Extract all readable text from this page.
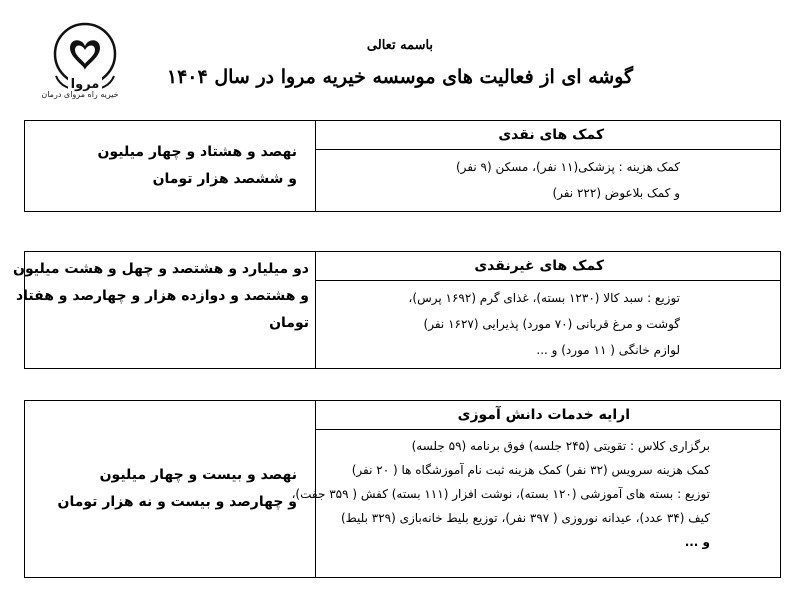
مروا
خیریه راه مروای درمان
باسمه تعالی
گوشه ای از فعالیت های موسسه خیریه مروا در سال ۱۴۰۴
کمک های نقدی

کمک هزینه : پزشکی(۱۱ نفر)، مسکن (۹ نفر)

و کمک بلاعوض (۲۲۲ نفر)

نهصد و هشتاد و چهار میلیون

و ششصد هزار تومان

کمک های غیرنقدی

توزیع : سبد کالا (۱۲۳۰ بسته)، غذای گرم (۱۶۹۲ پرس)،

گوشت و مرغ قربانی (۷۰ مورد) پذیرایی (۱۶۲۷ نفر)

لوازم خانگی ( ۱۱ مورد) و ...

دو میلیارد و هشتصد و چهل و هشت میلیون

و هشتصد و دوازده هزار و چهارصد و هفتاد

تومان

ارایه خدمات دانش آموزی

برگزاری کلاس : تقویتی (۲۴۵ جلسه) فوق برنامه (۵۹ جلسه)

کمک هزینه سرویس (۳۲ نفر) کمک هزینه ثبت نام آموزشگاه ها ( ۲۰ نفر)

توزیع : بسته های آموزشی (۱۲۰ بسته)، نوشت افزار (۱۱۱ بسته) کفش ( ۳۵۹ جفت)،

کیف (۳۴ عدد)، عیدانه نوروزی ( ۳۹۷ نفر)، توزیع بلیط خانه‌بازی (۳۲۹ بلیط)

و ...

نهصد و بیست و چهار میلیون

و چهارصد و بیست و نه هزار تومان
